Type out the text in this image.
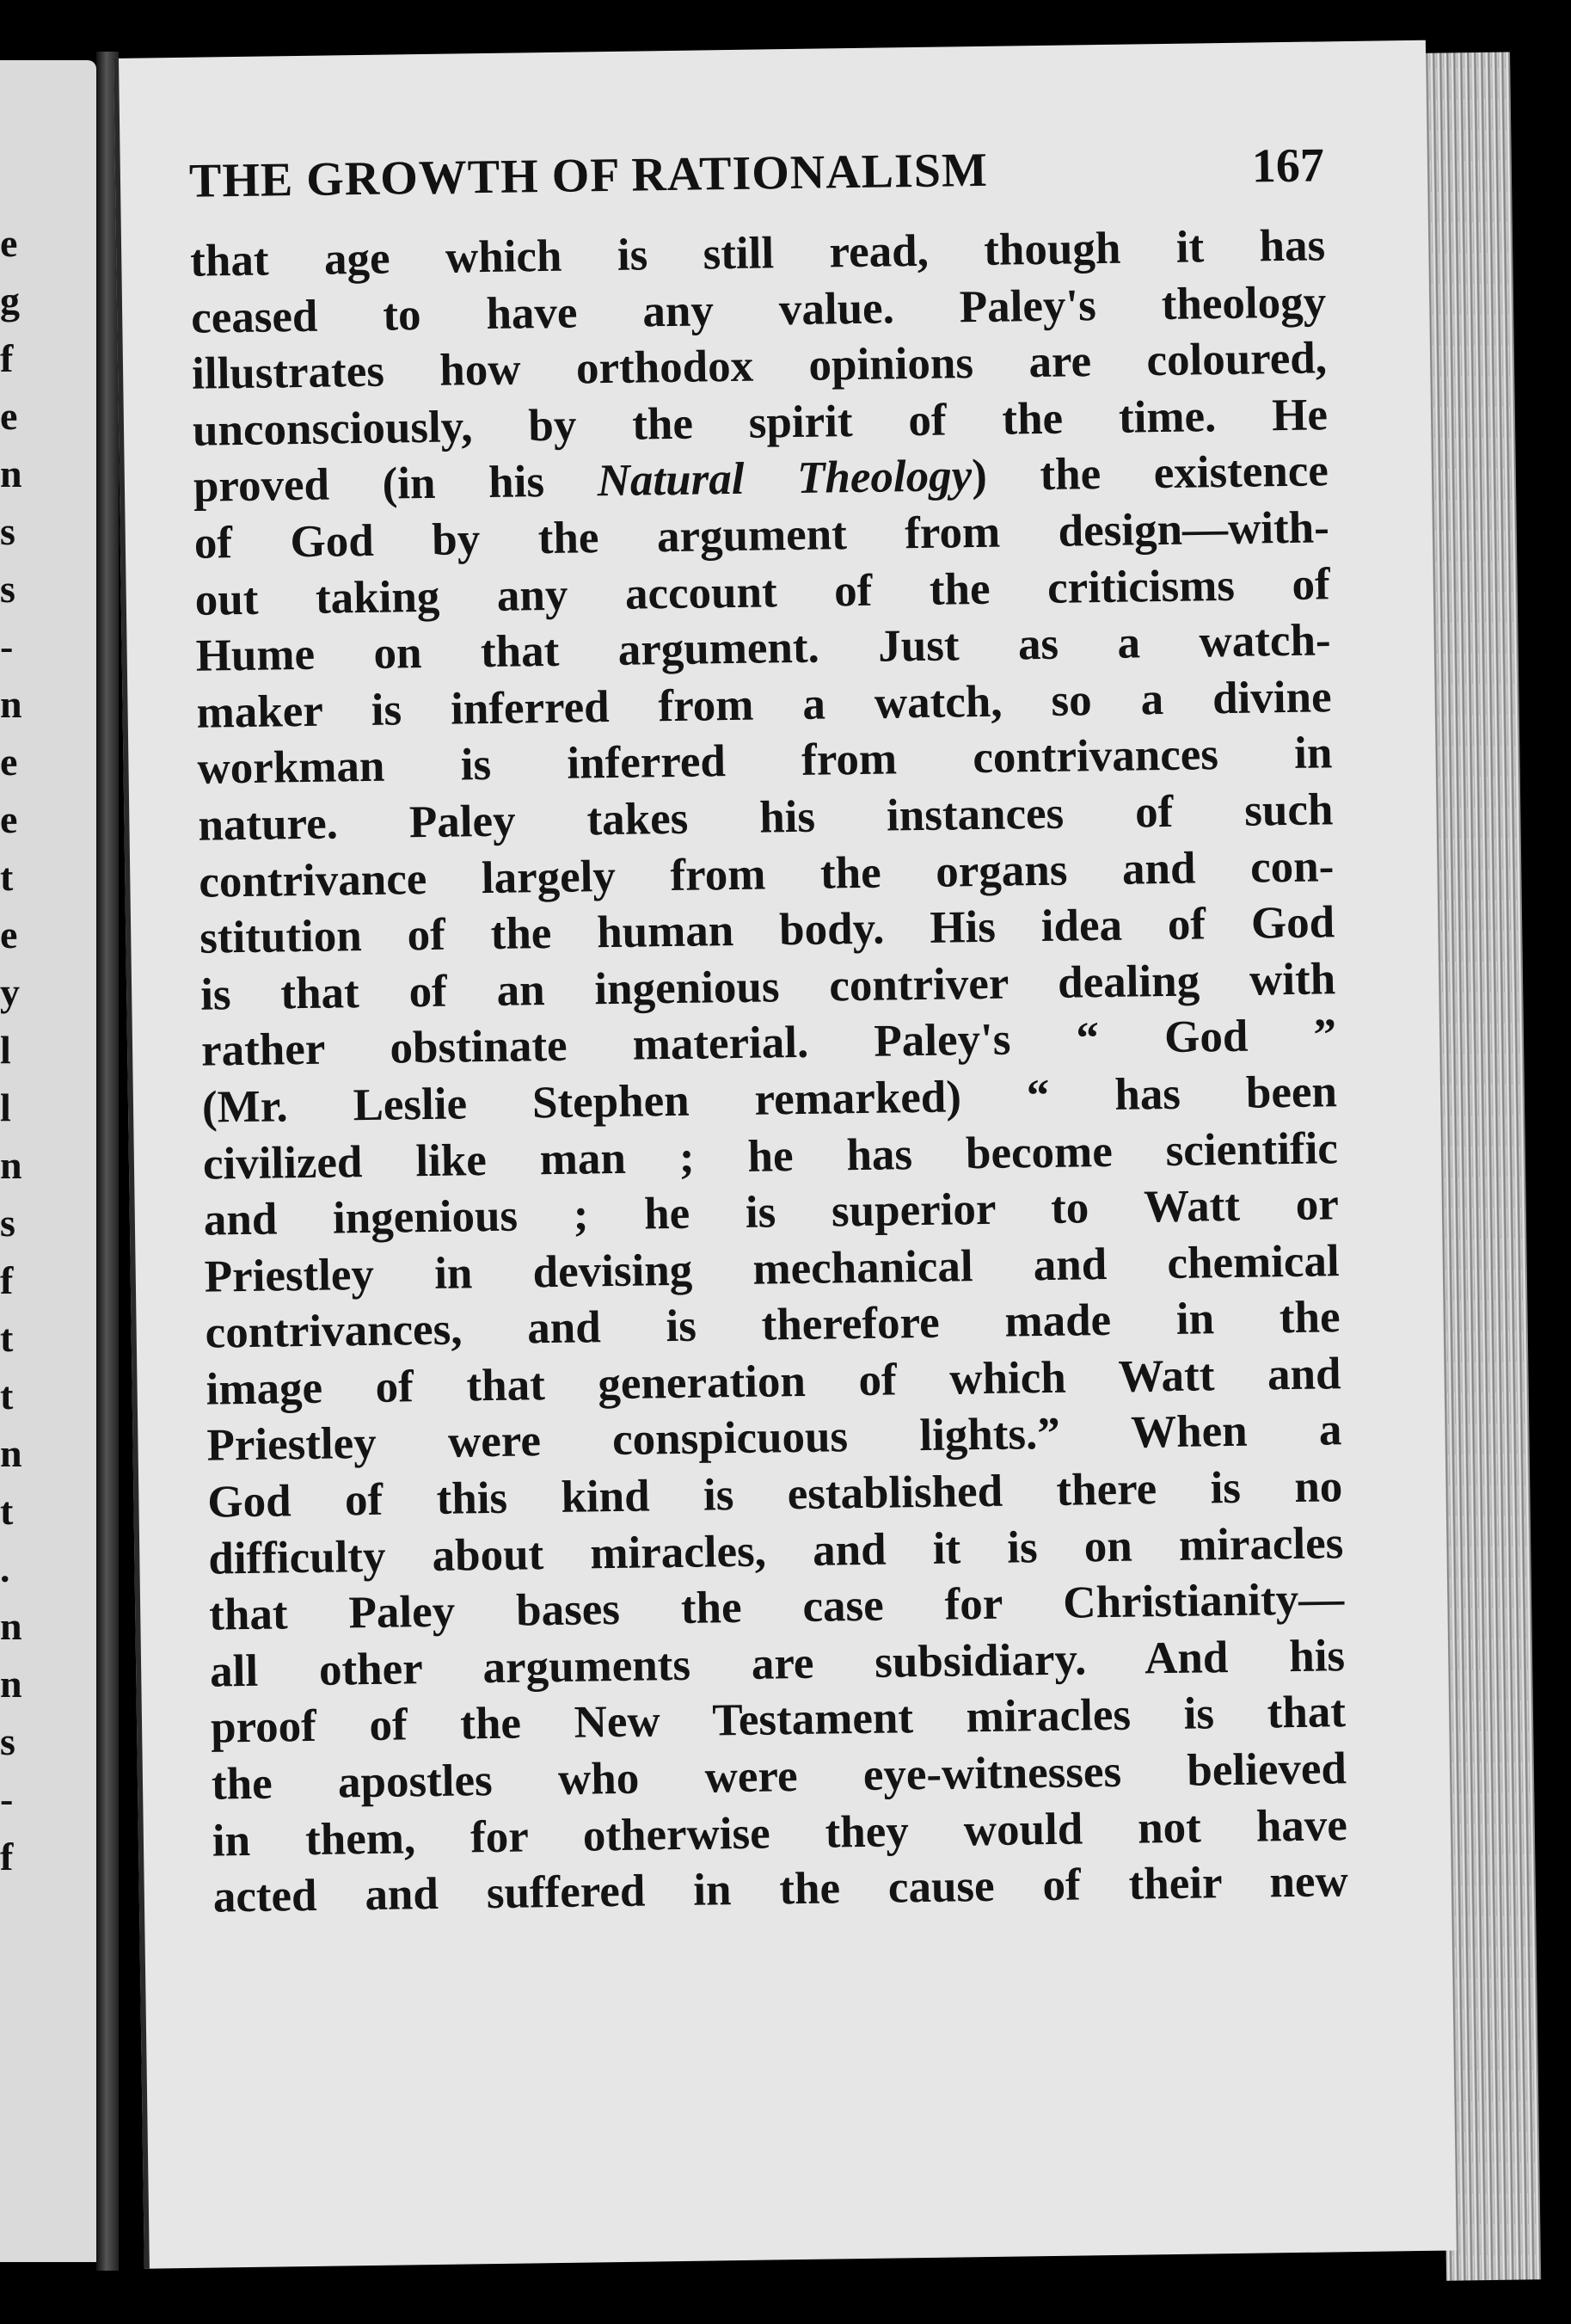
e
g
f
e
n
s
s
-
n
e
e
t
e
y
l
l
n
s
f
t
t
n
t
.
n
n
s
-
f
THE GROWTH OF RATIONALISM	167
that age which is still read, though it has
ceased to have any value. Paley's theology
illustrates how orthodox opinions are coloured,
unconsciously, by the spirit of the time. He
proved (in his Natural Theology) the existence
of God by the argument from design—with-
out taking any account of the criticisms of
Hume on that argument. Just as a watch-
maker is inferred from a watch, so a divine
workman is inferred from contrivances in
nature. Paley takes his instances of such
contrivance largely from the organs and con-
stitution of the human body. His idea of God
is that of an ingenious contriver dealing with
rather obstinate material. Paley's “ God ”
(Mr. Leslie Stephen remarked) “ has been
civilized like man ; he has become scientific
and ingenious ; he is superior to Watt or
Priestley in devising mechanical and chemical
contrivances, and is therefore made in the
image of that generation of which Watt and
Priestley were conspicuous lights.” When a
God of this kind is established there is no
difficulty about miracles, and it is on miracles
that Paley bases the case for Christianity—
all other arguments are subsidiary. And his
proof of the New Testament miracles is that
the apostles who were eye-witnesses believed
in them, for otherwise they would not have
acted and suffered in the cause of their new
